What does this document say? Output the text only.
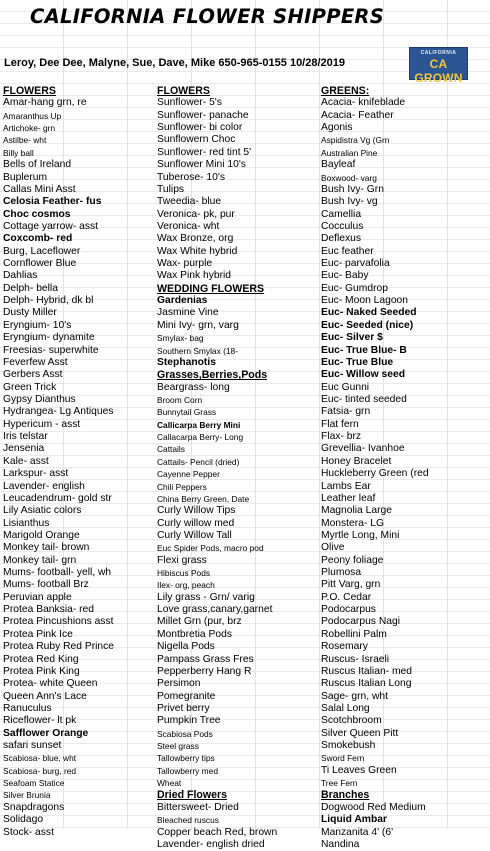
CALIFORNIA FLOWER SHIPPERS
Leroy, Dee Dee, Malyne, Sue, Dave, Mike 650-965-0155 10/28/2019
CALIFORNIA
CA GROWN
FLOWERS
Amar-hang grn, re
Amaranthus Up
Artichoke- grn
Astilbe- wht
Billy ball
Bells of Ireland
Buplerum
Callas Mini Asst
Celosia Feather- fus
Choc cosmos
Cottage yarrow- asst
Coxcomb- red
Burg, Laceflower
Cornflower Blue
Dahlias
Delph- bella
Delph- Hybrid, dk bl
Dusty Miller
Eryngium- 10's
Eryngium- dynamite
Freesias- superwhite
Feverfew Asst
Gerbers Asst
Green Trick
Gypsy Dianthus
Hydrangea- Lg Antiques
Hypericum - asst
Iris telstar
Jensenia
Kale- asst
Larkspur- asst
Lavender- english
Leucadendrum- gold str
Lily Asiatic colors
Lisianthus
Marigold Orange
Monkey tail- brown
Monkey tail- grn
Mums- football- yell, wh
Mums- football Brz
Peruvian apple
Protea Banksia- red
Protea Pincushions asst
Protea Pink Ice
Protea Ruby Red Prince
Protea Red King
Protea Pink King
Protea- white Queen
Queen Ann's Lace
Ranuculus
Riceflower- lt pk
Safflower Orange
safari sunset
Scabiosa- blue, wht
Scabiosa- burg, red
Seafoam Statice
Silver Brunia
Snapdragons
Solidago
Stock- asst
FLOWERS
Sunflower- 5's
Sunflower- panache
Sunflower- bi color
Sunflowern Choc
Sunflower- red tint 5'
Sunflower Mini 10's
Tuberose- 10's
Tulips
Tweedia- blue
Veronica- pk, pur
Veronica- wht
Wax Bronze, org
Wax White hybrid
Wax- purple
Wax Pink hybrid
WEDDING FLOWERS
Gardenias
Jasmine Vine
Mini Ivy- grn, varg
Smylax- bag
Southern Smylax (18-
Stephanotis
Grasses,Berries,Pods
Beargrass- long
Broom Corn
Bunnytail Grass
Callicarpa Berry Mini
Callacarpa Berry- Long
Cattails
Cattails- Pencil (dried)
Cayenne Pepper
Chili Peppers
China Berry Green, Date
Curly Willow Tips
Curly willow med
Curly Willow Tall
Euc Spider Pods, macro pod
Flexi grass
Hibiscus Pods
Ilex- org, peach
Lily grass - Grn/ varig
Love grass,canary,garnet
Millet Grn (pur, brz
Montbretia Pods
Nigella Pods
Pampass Grass Fres
Pepperberry Hang R
Persimon
Pomegranite
Privet berry
Pumpkin Tree
Scabiosa Pods
Steel grass
Tallowberry tips
Tallowberry med
Wheat
Dried Flowers
Bittersweet- Dried
Bleached ruscus
Copper beach Red, brown
Lavender- english dried
GREENS:
Acacia- knifeblade
Acacia- Feather
Agonis
Aspidistra Vg (Grn
Australian Pine
Bayleaf
Boxwood- varg
Bush Ivy- Grn
Bush Ivy- vg
Camellia
Cocculus
Deflexus
Euc feather
Euc- parvafolia
Euc- Baby
Euc- Gumdrop
Euc- Moon Lagoon
Euc- Naked Seeded
Euc- Seeded (nice)
Euc- Silver $
Euc- True Blue- B
Euc- True Blue
Euc- Willow seed
Euc Gunni
Euc- tinted seeded
Fatsia- grn
Flat fern
Flax- brz
Grevellia- Ivanhoe
Honey Bracelet
Huckleberry Green (red
Lambs Ear
Leather leaf
Magnolia Large
Monstera- LG
Myrtle Long, Mini
Olive
Peony foliage
Plumosa
Pitt Varg, grn
P.O. Cedar
Podocarpus
Podocarpus Nagi
Robellini Palm
Rosemary
Ruscus- Israeli
Ruscus Italian- med
Ruscus Italian Long
Sage- grn, wht
Salal Long
Scotchbroom
Silver Queen Pitt
Smokebush
Sword Fern
Ti Leaves Green
Tree Fern
Branches
Dogwood Red Medium
Liquid Ambar
Manzanita 4' (6'
Nandina
